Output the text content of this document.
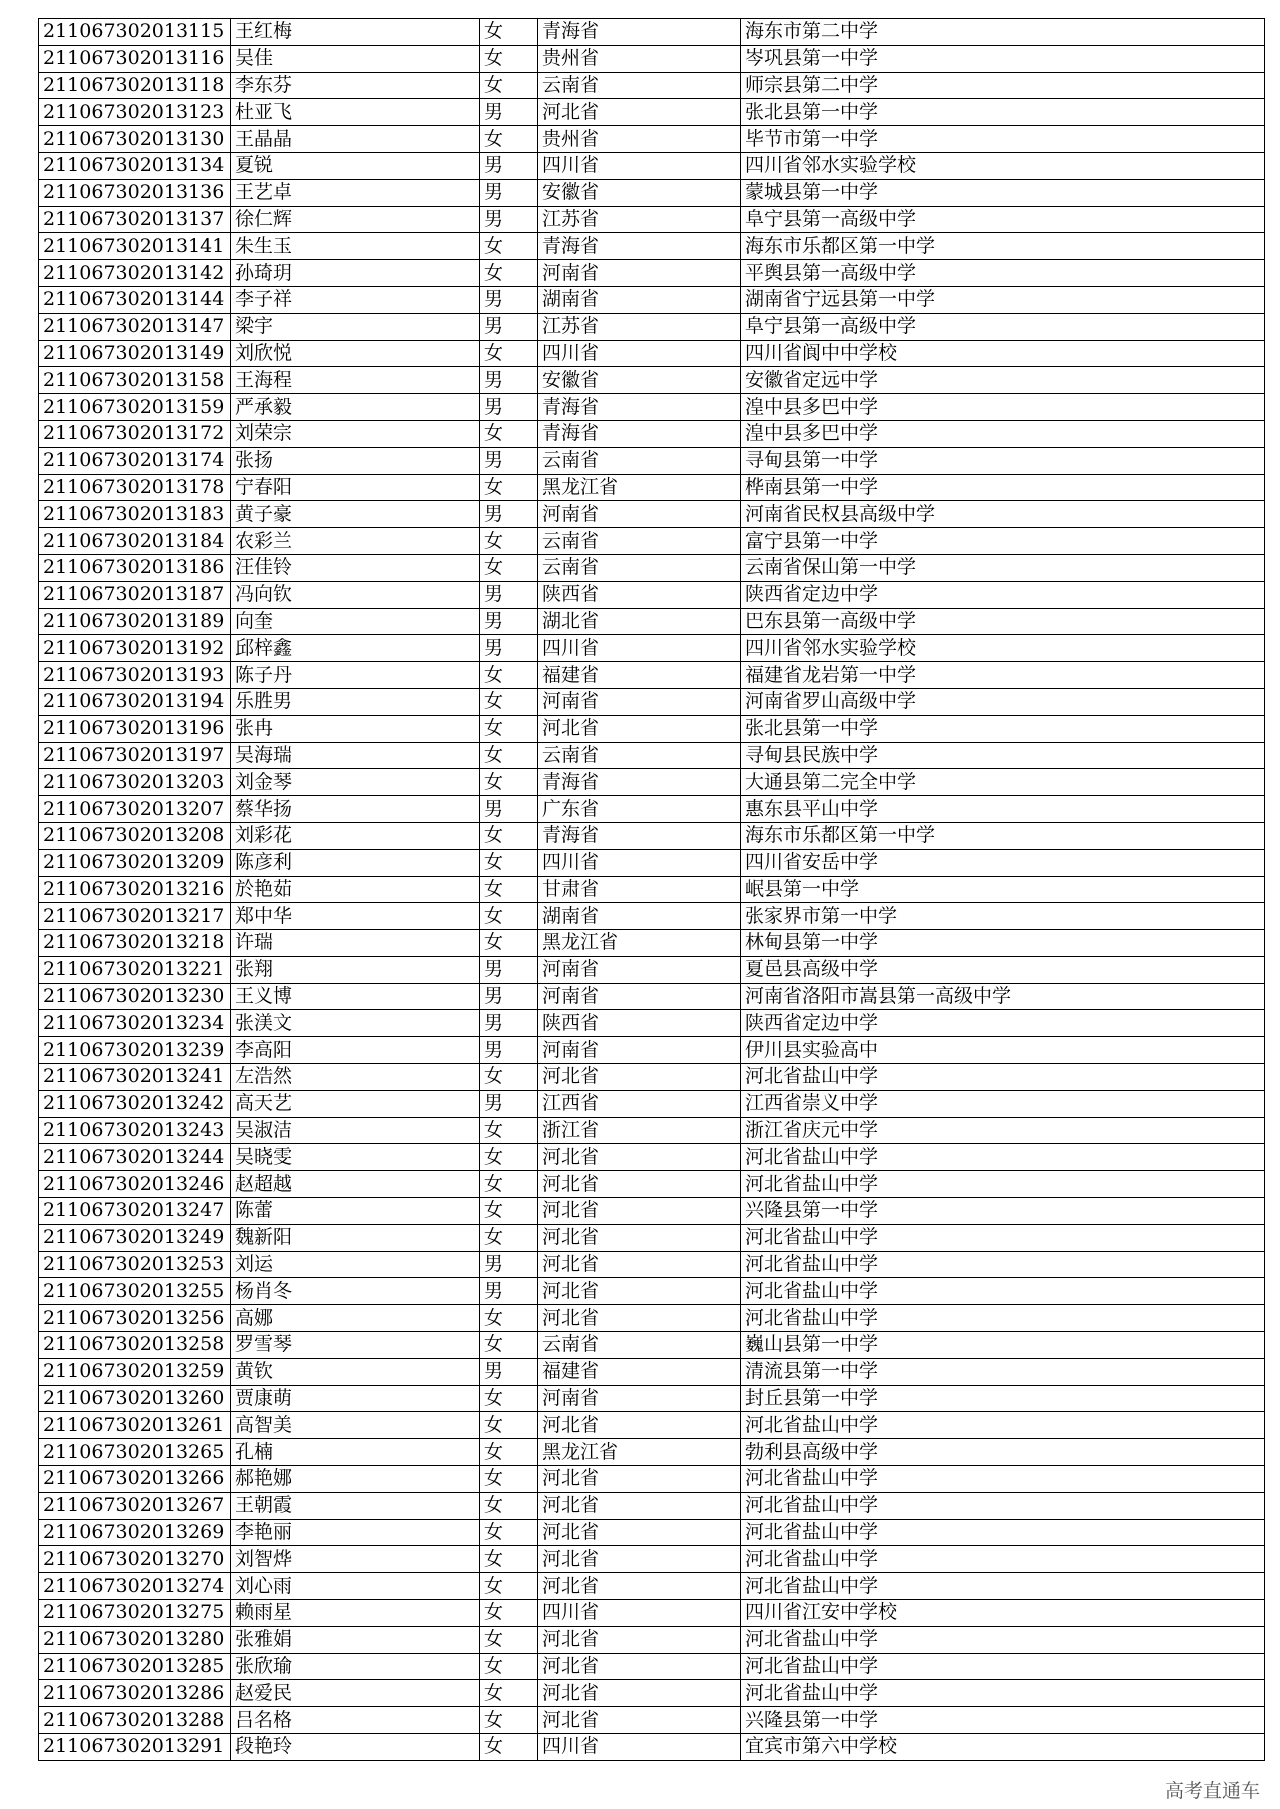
211067302013115	王红梅	女	青海省	海东市第二中学
211067302013116	吴佳	女	贵州省	岑巩县第一中学
211067302013118	李东芬	女	云南省	师宗县第二中学
211067302013123	杜亚飞	男	河北省	张北县第一中学
211067302013130	王晶晶	女	贵州省	毕节市第一中学
211067302013134	夏锐	男	四川省	四川省邻水实验学校
211067302013136	王艺卓	男	安徽省	蒙城县第一中学
211067302013137	徐仁辉	男	江苏省	阜宁县第一高级中学
211067302013141	朱生玉	女	青海省	海东市乐都区第一中学
211067302013142	孙琦玥	女	河南省	平舆县第一高级中学
211067302013144	李子祥	男	湖南省	湖南省宁远县第一中学
211067302013147	梁宇	男	江苏省	阜宁县第一高级中学
211067302013149	刘欣悦	女	四川省	四川省阆中中学校
211067302013158	王海程	男	安徽省	安徽省定远中学
211067302013159	严承毅	男	青海省	湟中县多巴中学
211067302013172	刘荣宗	女	青海省	湟中县多巴中学
211067302013174	张扬	男	云南省	寻甸县第一中学
211067302013178	宁春阳	女	黑龙江省	桦南县第一中学
211067302013183	黄子豪	男	河南省	河南省民权县高级中学
211067302013184	农彩兰	女	云南省	富宁县第一中学
211067302013186	汪佳铃	女	云南省	云南省保山第一中学
211067302013187	冯向钦	男	陕西省	陕西省定边中学
211067302013189	向奎	男	湖北省	巴东县第一高级中学
211067302013192	邱梓鑫	男	四川省	四川省邻水实验学校
211067302013193	陈子丹	女	福建省	福建省龙岩第一中学
211067302013194	乐胜男	女	河南省	河南省罗山高级中学
211067302013196	张冉	女	河北省	张北县第一中学
211067302013197	吴海瑞	女	云南省	寻甸县民族中学
211067302013203	刘金琴	女	青海省	大通县第二完全中学
211067302013207	蔡华扬	男	广东省	惠东县平山中学
211067302013208	刘彩花	女	青海省	海东市乐都区第一中学
211067302013209	陈彦利	女	四川省	四川省安岳中学
211067302013216	於艳茹	女	甘肃省	岷县第一中学
211067302013217	郑中华	女	湖南省	张家界市第一中学
211067302013218	许瑞	女	黑龙江省	林甸县第一中学
211067302013221	张翔	男	河南省	夏邑县高级中学
211067302013230	王义博	男	河南省	河南省洛阳市嵩县第一高级中学
211067302013234	张渼文	男	陕西省	陕西省定边中学
211067302013239	李高阳	男	河南省	伊川县实验高中
211067302013241	左浩然	女	河北省	河北省盐山中学
211067302013242	高天艺	男	江西省	江西省崇义中学
211067302013243	吴淑洁	女	浙江省	浙江省庆元中学
211067302013244	吴晓雯	女	河北省	河北省盐山中学
211067302013246	赵超越	女	河北省	河北省盐山中学
211067302013247	陈蕾	女	河北省	兴隆县第一中学
211067302013249	魏新阳	女	河北省	河北省盐山中学
211067302013253	刘运	男	河北省	河北省盐山中学
211067302013255	杨肖冬	男	河北省	河北省盐山中学
211067302013256	高娜	女	河北省	河北省盐山中学
211067302013258	罗雪琴	女	云南省	巍山县第一中学
211067302013259	黄钦	男	福建省	清流县第一中学
211067302013260	贾康萌	女	河南省	封丘县第一中学
211067302013261	高智美	女	河北省	河北省盐山中学
211067302013265	孔楠	女	黑龙江省	勃利县高级中学
211067302013266	郝艳娜	女	河北省	河北省盐山中学
211067302013267	王朝霞	女	河北省	河北省盐山中学
211067302013269	李艳丽	女	河北省	河北省盐山中学
211067302013270	刘智烨	女	河北省	河北省盐山中学
211067302013274	刘心雨	女	河北省	河北省盐山中学
211067302013275	赖雨星	女	四川省	四川省江安中学校
211067302013280	张雅娟	女	河北省	河北省盐山中学
211067302013285	张欣瑜	女	河北省	河北省盐山中学
211067302013286	赵爱民	女	河北省	河北省盐山中学
211067302013288	吕名格	女	河北省	兴隆县第一中学
211067302013291	段艳玲	女	四川省	宜宾市第六中学校
高考直通车
